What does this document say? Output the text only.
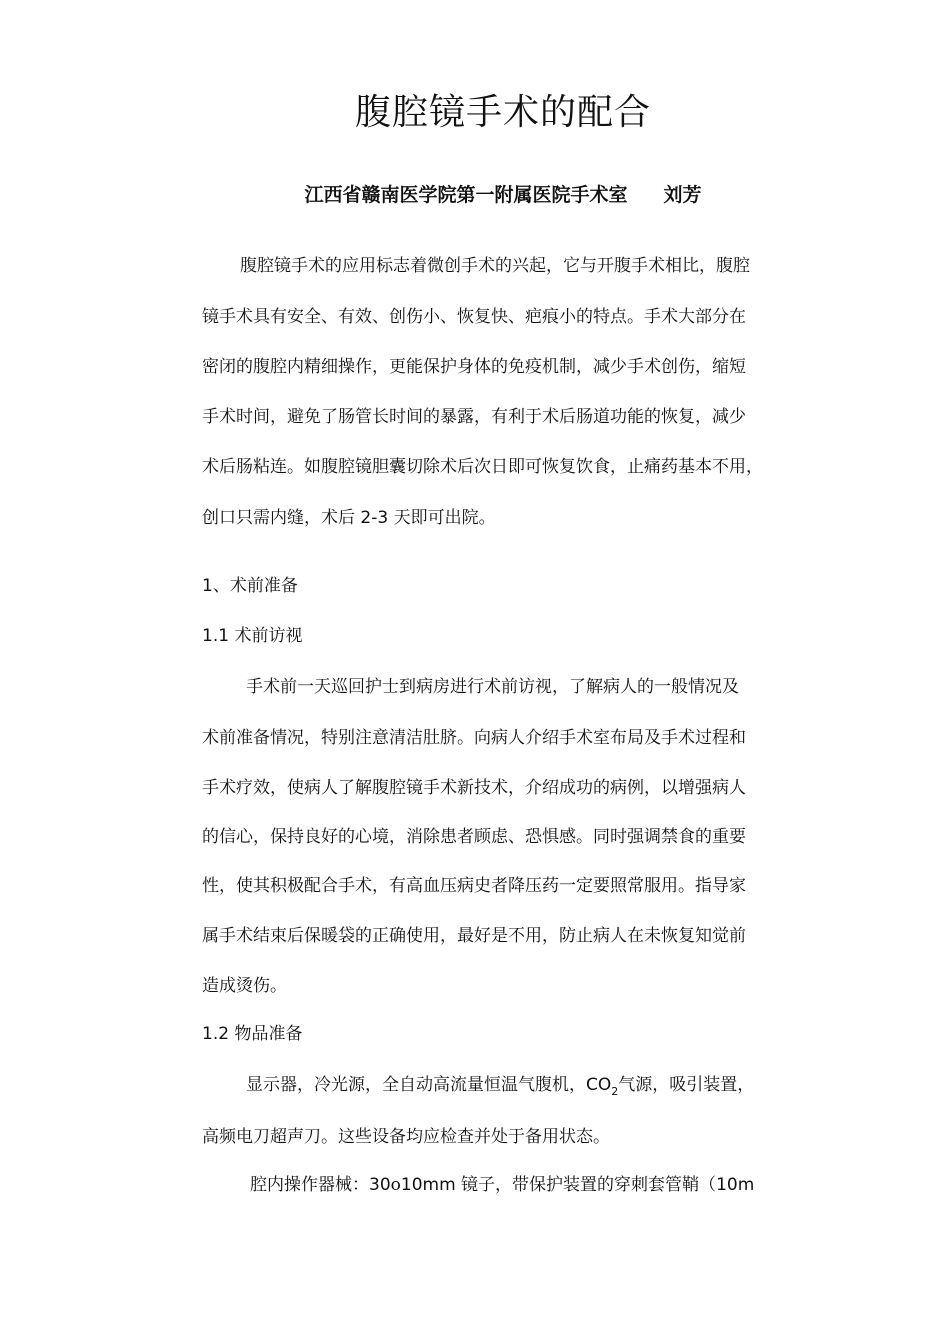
腹腔镜手术的配合
江西省赣南医学院第一附属医院手术室 刘芳
腹腔镜手术的应用标志着微创手术的兴起，它与开腹手术相比，腹腔
镜手术具有安全、有效、创伤小、恢复快、疤痕小的特点。手术大部分在
密闭的腹腔内精细操作，更能保护身体的免疫机制，减少手术创伤，缩短
手术时间，避免了肠管长时间的暴露，有利于术后肠道功能的恢复，减少
术后肠粘连。如腹腔镜胆囊切除术后次日即可恢复饮食，止痛药基本不用，
创口只需内缝，术后 2-3 天即可出院。
1、术前准备
1.1 术前访视
手术前一天巡回护士到病房进行术前访视，了解病人的一般情况及
术前准备情况，特别注意清洁肚脐。向病人介绍手术室布局及手术过程和
手术疗效，使病人了解腹腔镜手术新技术，介绍成功的病例，以增强病人
的信心，保持良好的心境，消除患者顾虑、恐惧感。同时强调禁食的重要
性，使其积极配合手术，有高血压病史者降压药一定要照常服用。指导家
属手术结束后保暖袋的正确使用，最好是不用，防止病人在未恢复知觉前
造成烫伤。
1.2 物品准备
显示器，冷光源，全自动高流量恒温气腹机，$CO_2$气源，吸引装置，
高频电刀超声刀。这些设备均应检查并处于备用状态。
腔内操作器械：30o10mm 镜子，带保护装置的穿刺套管鞘（10m
